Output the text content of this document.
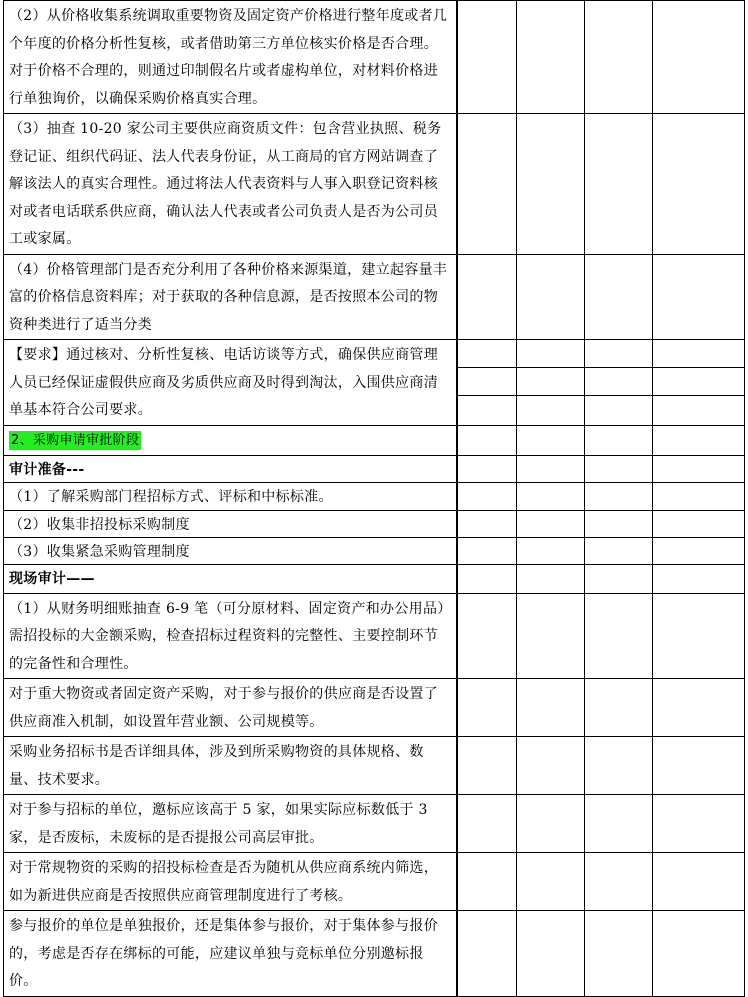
（2）从价格收集系统调取重要物资及固定资产价格进行整年度或者几个年度的价格分析性复核，或者借助第三方单位核实价格是否合理。对于价格不合理的，则通过印制假名片或者虚构单位，对材料价格进行单独询价，以确保采购价格真实合理。				
（3）抽查 10-20 家公司主要供应商资质文件：包含营业执照、税务登记证、组织代码证、法人代表身份证，从工商局的官方网站调查了解该法人的真实合理性。通过将法人代表资料与人事入职登记资料核对或者电话联系供应商，确认法人代表或者公司负责人是否为公司员工或家属。				
（4）价格管理部门是否充分利用了各种价格来源渠道，建立起容量丰富的价格信息资料库；对于获取的各种信息源，是否按照本公司的物资种类进行了适当分类				
【要求】通过核对、分析性复核、电话访谈等方式，确保供应商管理人员已经保证虚假供应商及劣质供应商及时得到淘汰，入围供应商清单基本符合公司要求。	

2、采购申请审批阶段				
审计准备---				
（1）了解采购部门程招标方式、评标和中标标准。				
（2）收集非招投标采购制度				
（3）收集紧急采购管理制度				
现场审计——				
（1）从财务明细账抽查 6-9 笔（可分原材料、固定资产和办公用品）需招投标的大金额采购，检查招标过程资料的完整性、主要控制环节的完备性和合理性。				
对于重大物资或者固定资产采购，对于参与报价的供应商是否设置了供应商准入机制，如设置年营业额、公司规模等。				
采购业务招标书是否详细具体，涉及到所采购物资的具体规格、数量、技术要求。				
对于参与招标的单位，邀标应该高于 5 家，如果实际应标数低于 3 家，是否废标，未废标的是否提报公司高层审批。				
对于常规物资的采购的招投标检查是否为随机从供应商系统内筛选，如为新进供应商是否按照供应商管理制度进行了考核。				
参与报价的单位是单独报价，还是集体参与报价，对于集体参与报价的，考虑是否存在绑标的可能，应建议单独与竞标单位分别邀标报价。				
